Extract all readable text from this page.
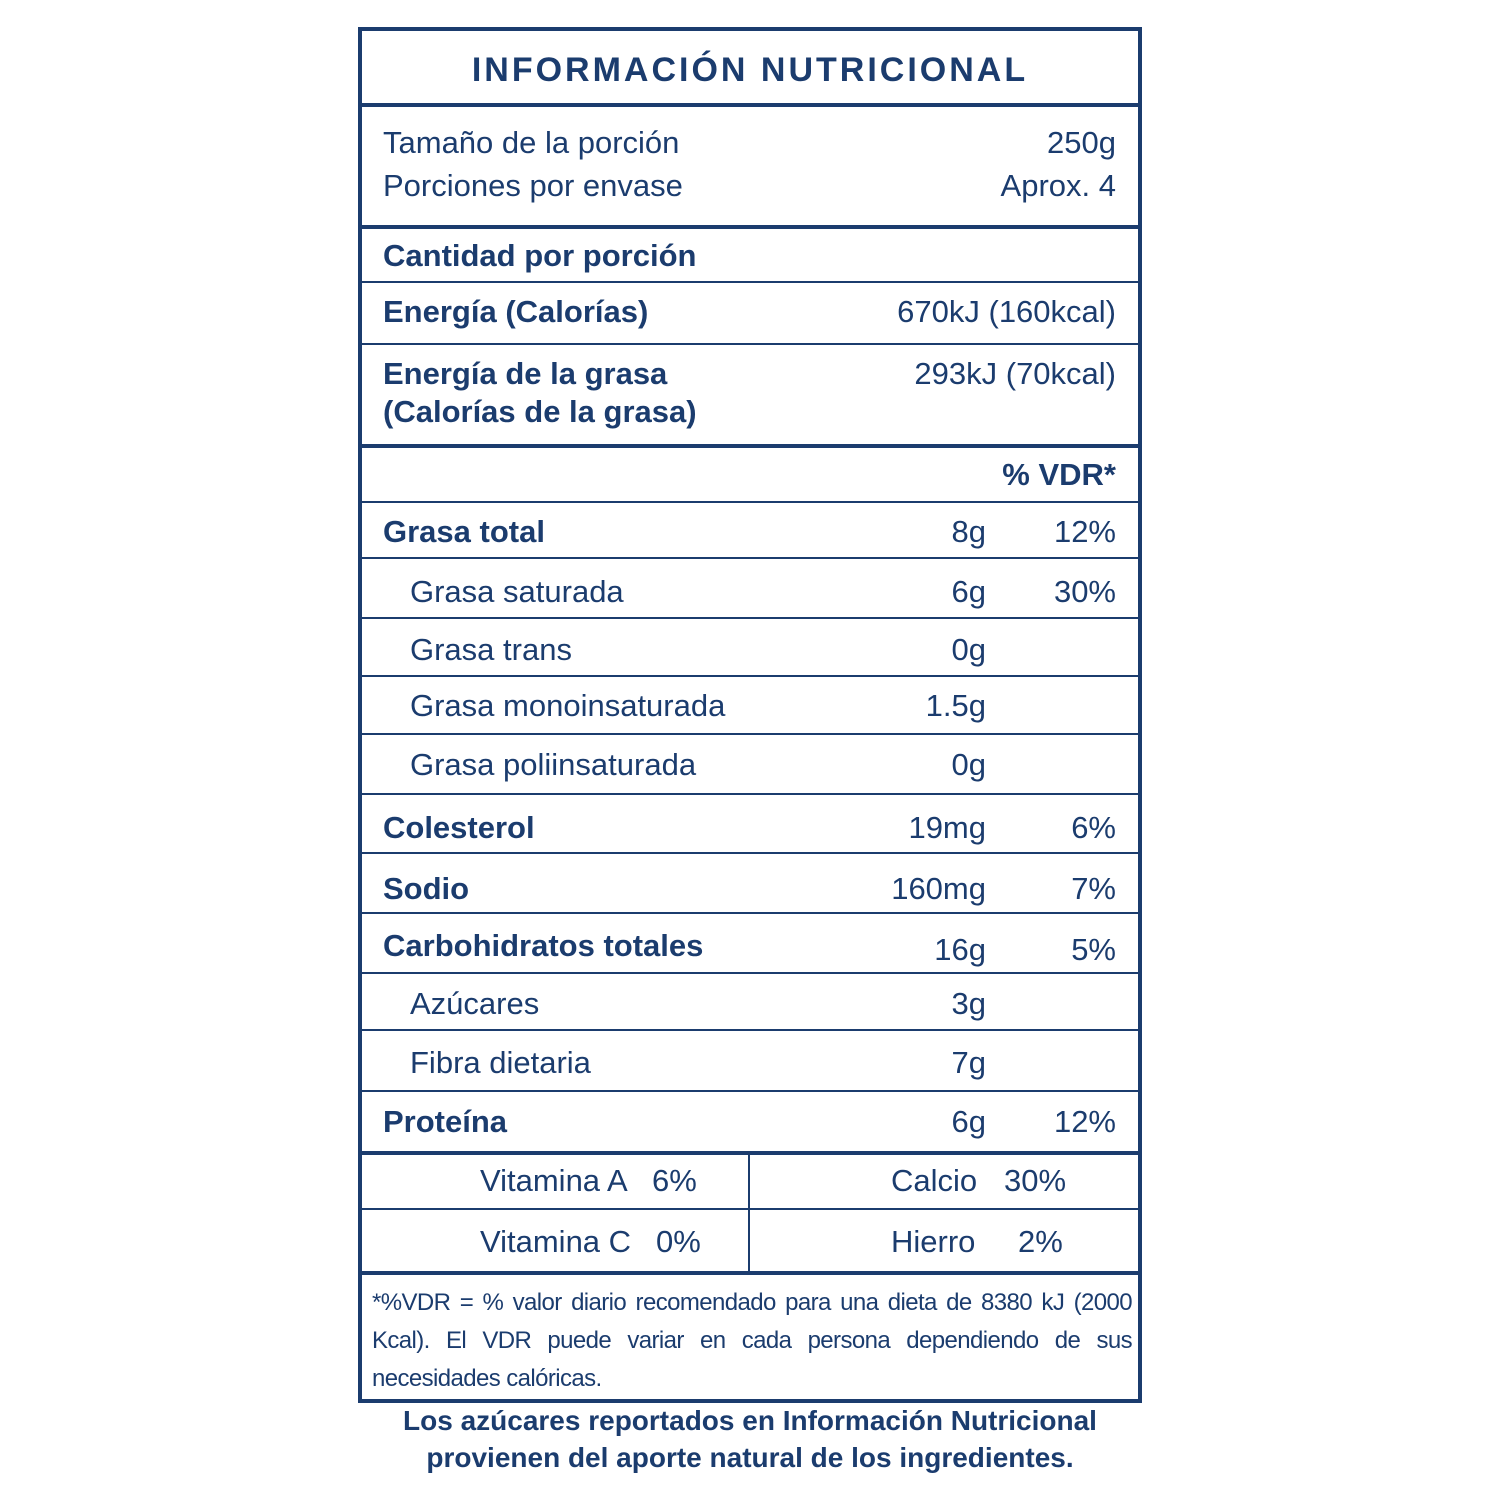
INFORMACIÓN NUTRICIONAL
Tamaño de la porción	250g
Porciones por envase	Aprox. 4
Cantidad por porción
Energía (Calorías)	670kJ (160kcal)
Energía de la grasa
(Calorías de la grasa)
293kJ (70kcal)
% VDR*
Grasa total	8g 12%
Grasa saturada	6g 30%
Grasa trans	0g
Grasa monoinsaturada	1.5g
Grasa poliinsaturada	0g
Colesterol	19mg	6%
Sodio	160mg	7%
Carbohidratos totales	16g	5%
Azúcares	3g
Fibra dietaria	7g
Proteína	6g 12%
Vitamina A 6%	Calcio 30%
Vitamina C 0%	Hierro 2%
*%VDR = % valor diario recomendado para una dieta de 8380 kJ (2000 Kcal). El VDR puede variar en cada persona dependiendo de sus necesidades calóricas.
Los azúcares reportados en Información Nutricional
provienen del aporte natural de los ingredientes.
